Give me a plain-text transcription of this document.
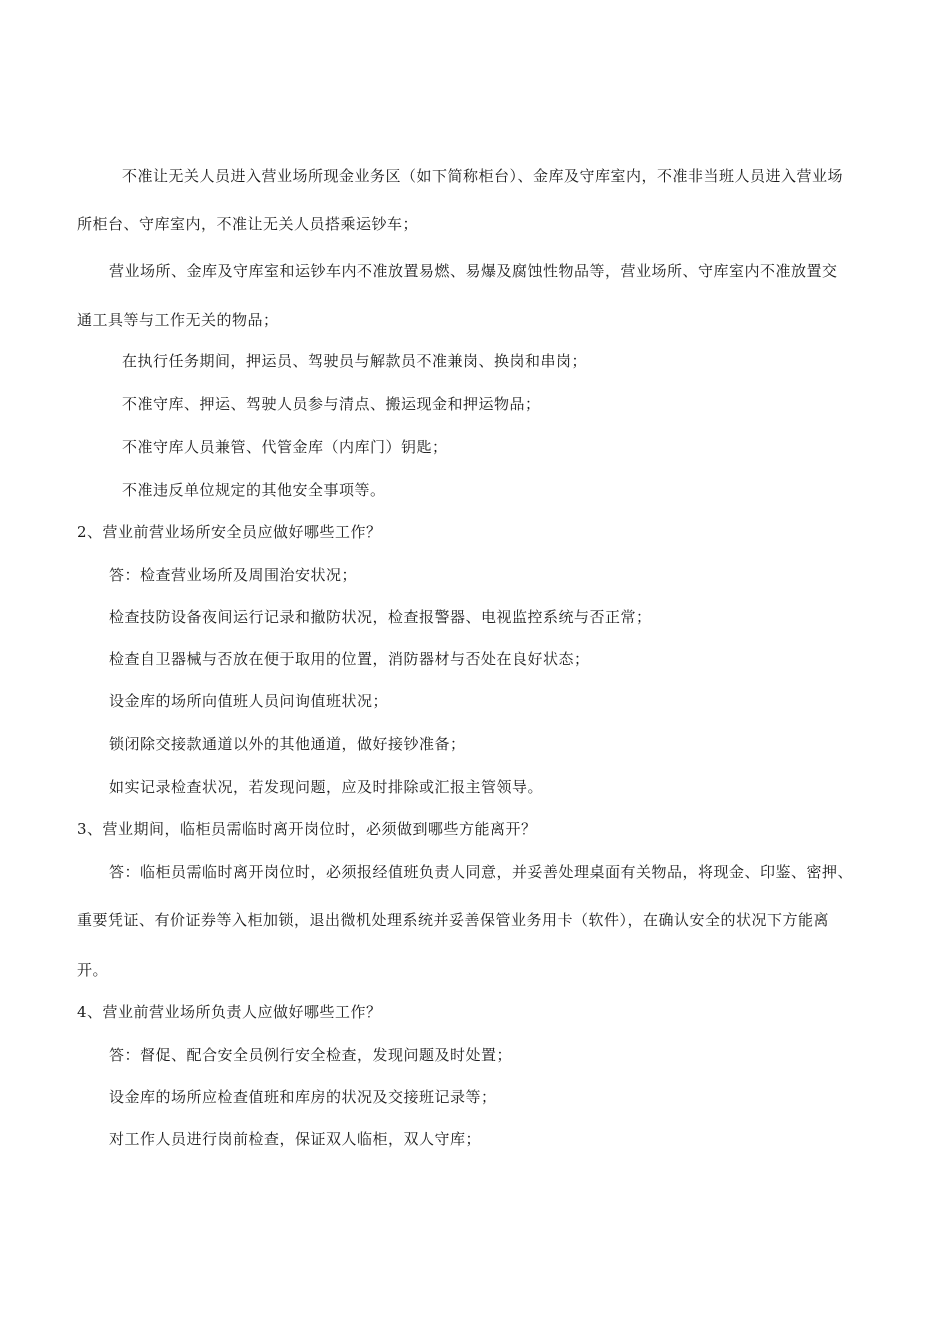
不准让无关人员进入营业场所现金业务区（如下简称柜台）、金库及守库室内，不准非当班人员进入营业场
所柜台、守库室内，不准让无关人员搭乘运钞车；
营业场所、金库及守库室和运钞车内不准放置易燃、易爆及腐蚀性物品等，营业场所、守库室内不准放置交
通工具等与工作无关的物品；
在执行任务期间，押运员、驾驶员与解款员不准兼岗、换岗和串岗；
不准守库、押运、驾驶人员参与清点、搬运现金和押运物品；
不准守库人员兼管、代管金库（内库门）钥匙；
不准违反单位规定的其他安全事项等。
2、营业前营业场所安全员应做好哪些工作？
答：检查营业场所及周围治安状况；
检查技防设备夜间运行记录和撤防状况，检查报警器、电视监控系统与否正常；
检查自卫器械与否放在便于取用的位置，消防器材与否处在良好状态；
设金库的场所向值班人员问询值班状况；
锁闭除交接款通道以外的其他通道，做好接钞准备；
如实记录检查状况，若发现问题，应及时排除或汇报主管领导。
3、营业期间，临柜员需临时离开岗位时，必须做到哪些方能离开？
答：临柜员需临时离开岗位时，必须报经值班负责人同意，并妥善处理桌面有关物品，将现金、印鉴、密押、
重要凭证、有价证券等入柜加锁，退出微机处理系统并妥善保管业务用卡（软件），在确认安全的状况下方能离
开。
4、营业前营业场所负责人应做好哪些工作？
答：督促、配合安全员例行安全检查，发现问题及时处置；
设金库的场所应检查值班和库房的状况及交接班记录等；
对工作人员进行岗前检查，保证双人临柜，双人守库；
